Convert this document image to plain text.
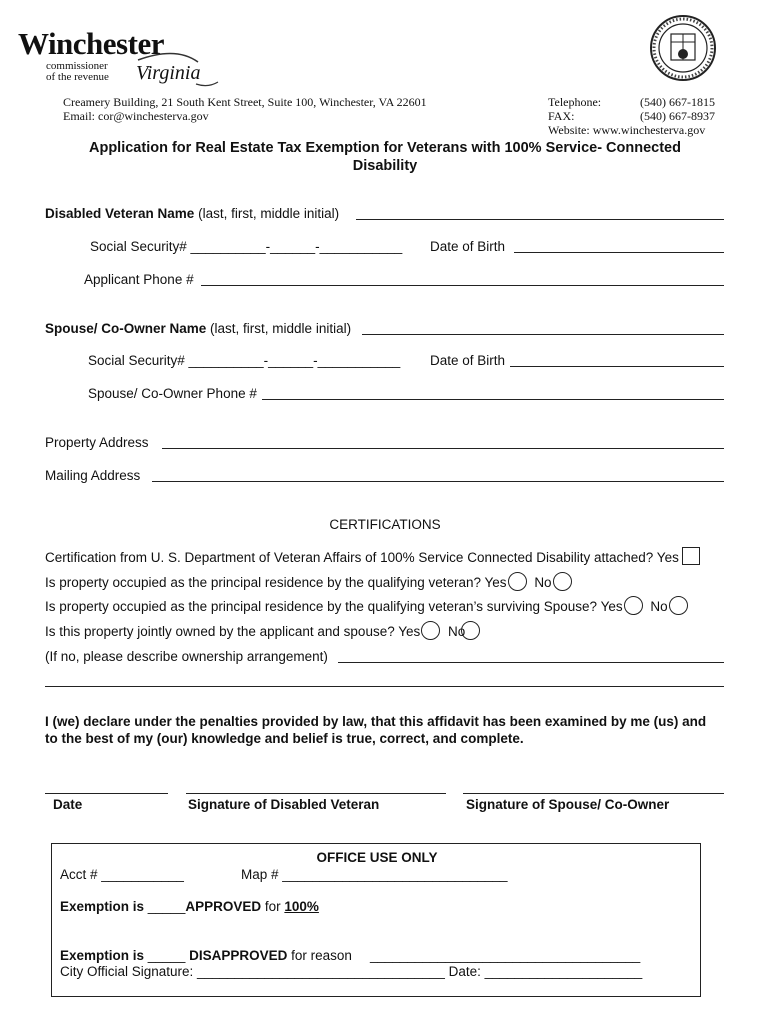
Winchester
commissioner
of the revenue Virginia
Creamery Building, 21 South Kent Street, Suite 100, Winchester, VA 22601
Email: cor@winchesterva.gov
Telephone:	(540) 667-1815
FAX:	(540) 667-8937
Website: www.winchesterva.gov
Application for Real Estate Tax Exemption for Veterans with 100% Service- Connected
Disability
Disabled Veteran Name (last, first, middle initial)
Social Security# __________-______-___________ Date of Birth
Applicant Phone #
Spouse/ Co-Owner Name (last, first, middle initial)
Social Security# __________-______-___________ Date of Birth
Spouse/ Co-Owner Phone #
Property Address
Mailing Address
CERTIFICATIONS
Certification from U. S. Department of Veteran Affairs of 100% Service Connected Disability attached? Yes
Is property occupied as the principal residence by the qualifying veteran? Yes No
Is property occupied as the principal residence by the qualifying veteran’s surviving Spouse? Yes No
Is this property jointly owned by the applicant and spouse? Yes No
(If no, please describe ownership arrangement)
I (we) declare under the penalties provided by law, that this affidavit has been examined by me (us) and
to the best of my (our) knowledge and belief is true, correct, and complete.
Date	Signature of Disabled Veteran	Signature of Spouse/ Co-Owner
OFFICE USE ONLY
Acct # ___________	Map # ______________________________
Exemption is _____APPROVED for 100%
Exemption is _____ DISAPPROVED for reason ____________________________________
City Official Signature: _________________________________ Date: _____________________
